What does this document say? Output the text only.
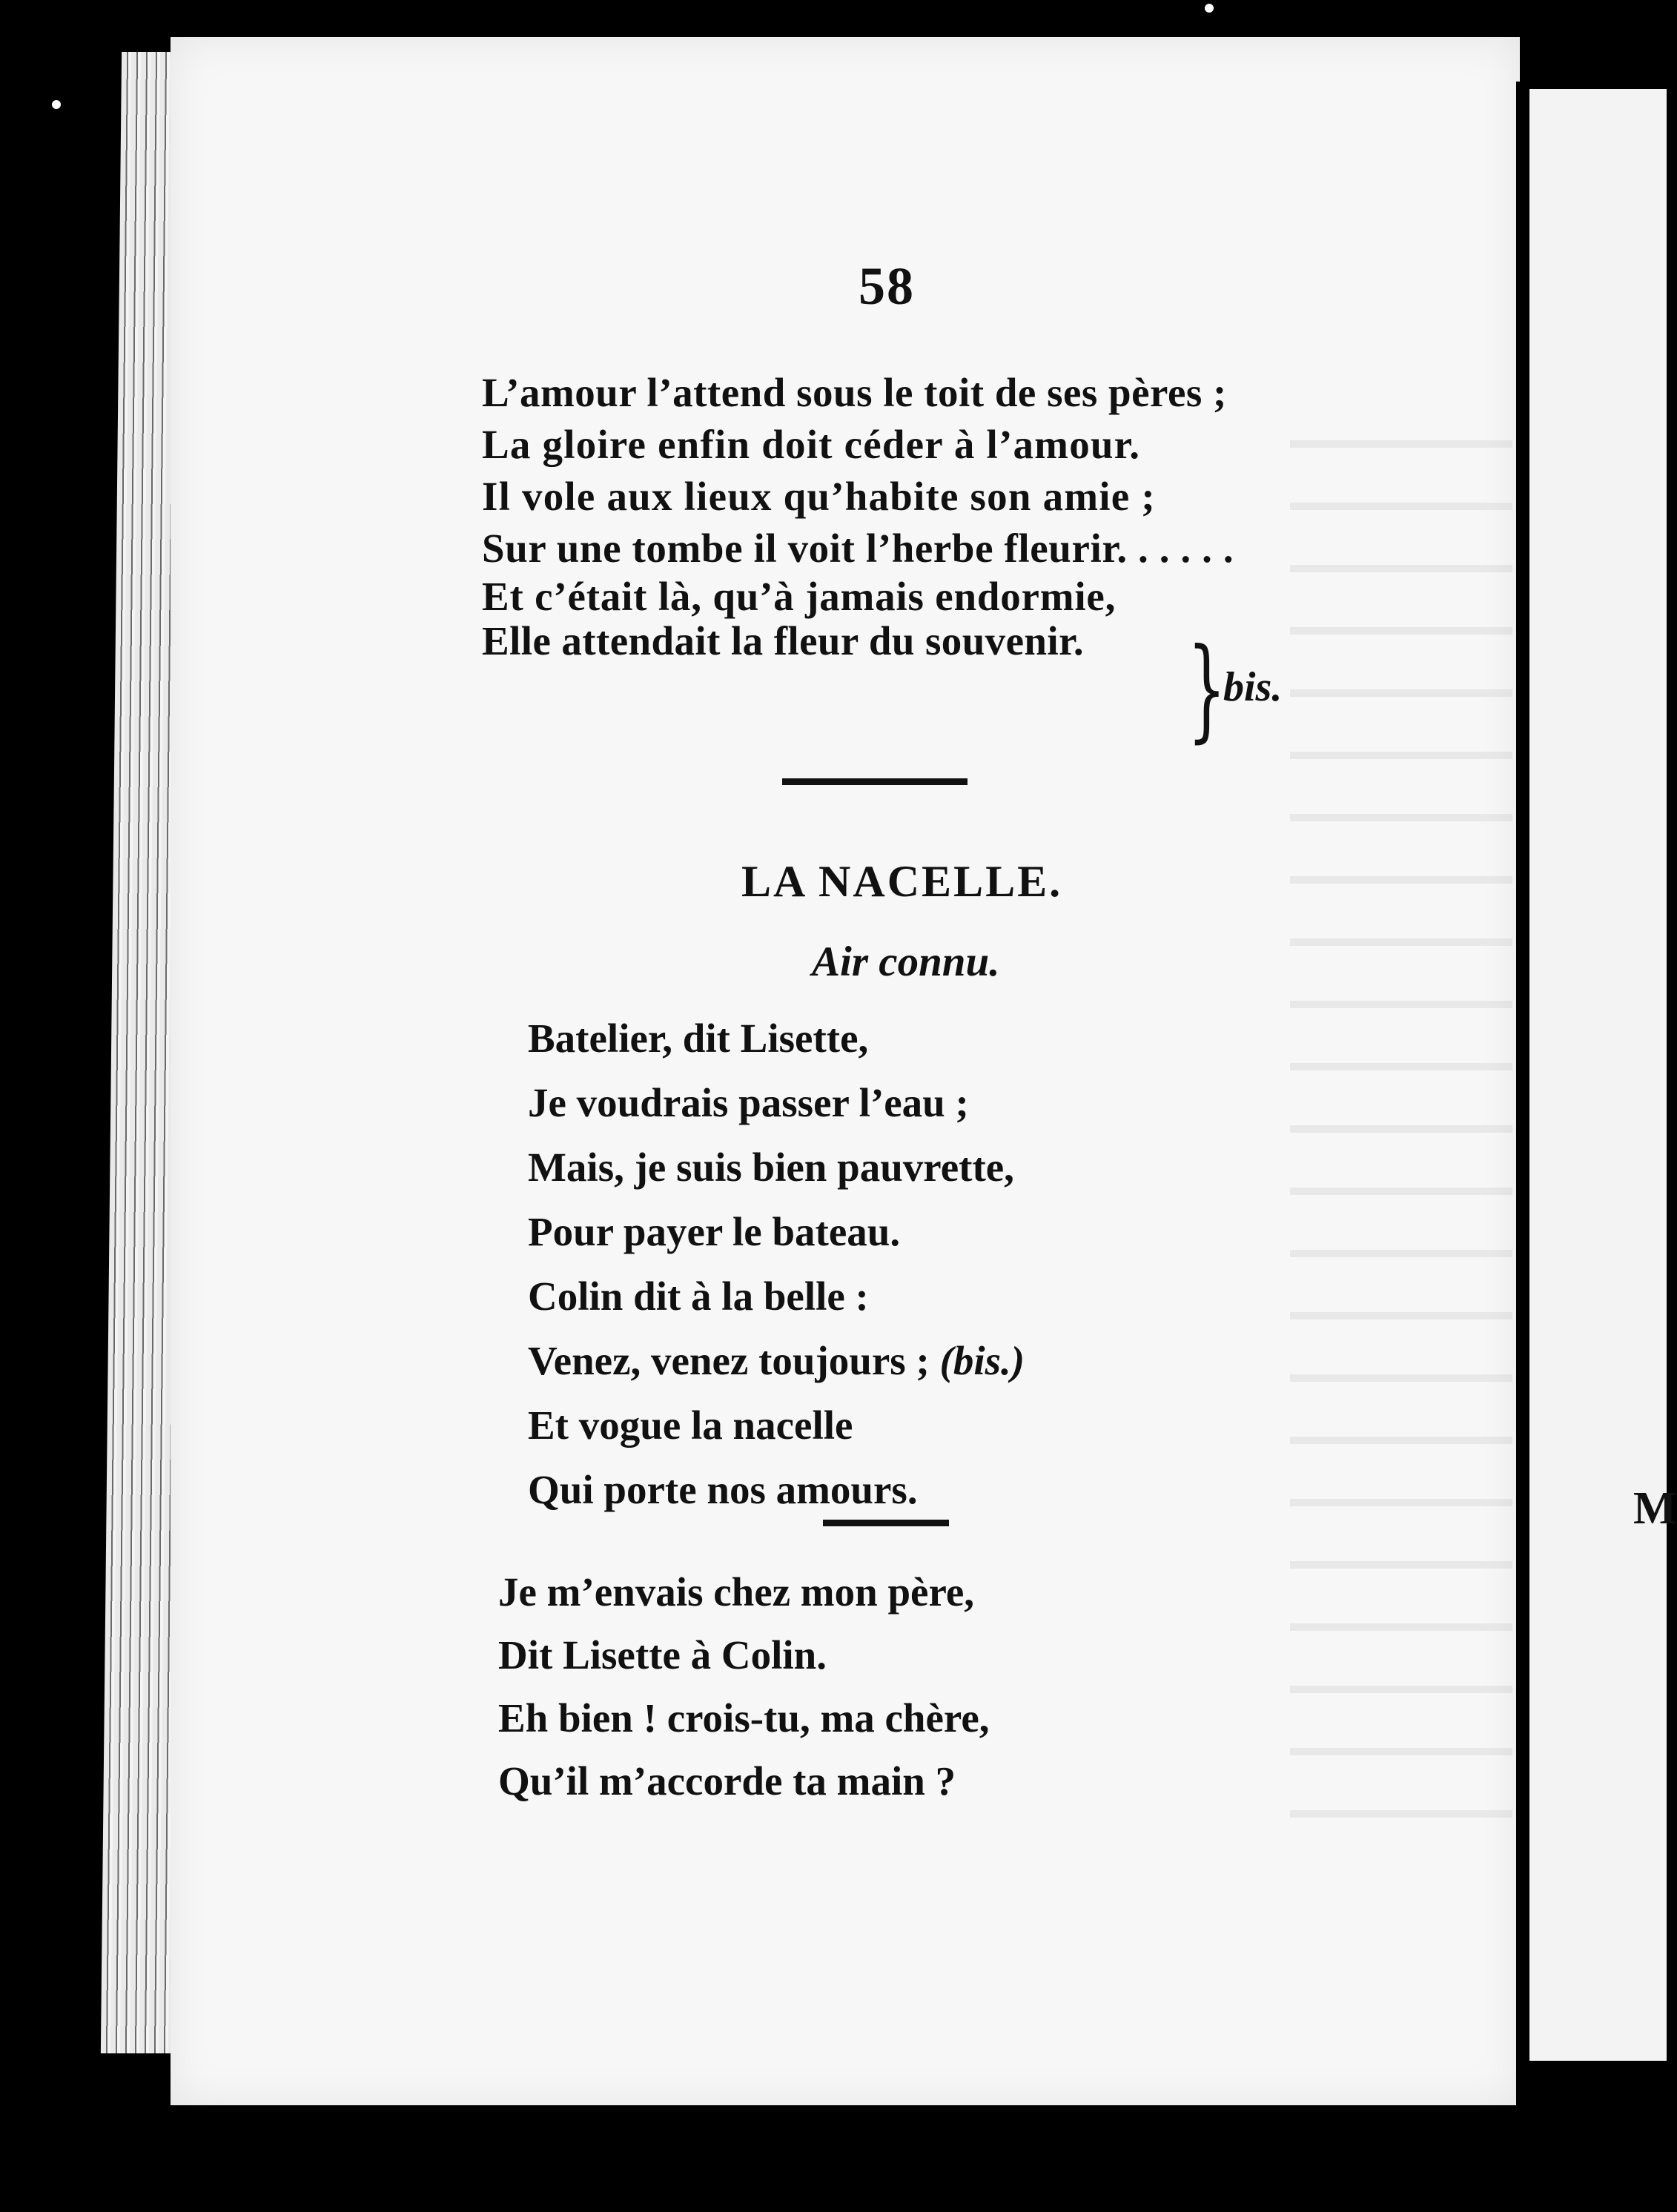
M
58
L’amour l’attend sous le toit de ses pères ;
La gloire enfin doit céder à l’amour.
Il vole aux lieux qu’habite son amie ;
Sur une tombe il voit l’herbe fleurir. . . . . .
Et c’était là, qu’à jamais endormie,
Elle attendait la fleur du souvenir. }
bis.
LA NACELLE.
Air connu.
Batelier, dit Lisette,
Je voudrais passer l’eau ;
Mais, je suis bien pauvrette,
Pour payer le bateau.
Colin dit à la belle :
Venez, venez toujours ; (bis.)
Et vogue la nacelle
Qui porte nos amours.
Je m’envais chez mon père,
Dit Lisette à Colin.
Eh bien ! crois-tu, ma chère,
Qu’il m’accorde ta main ?
